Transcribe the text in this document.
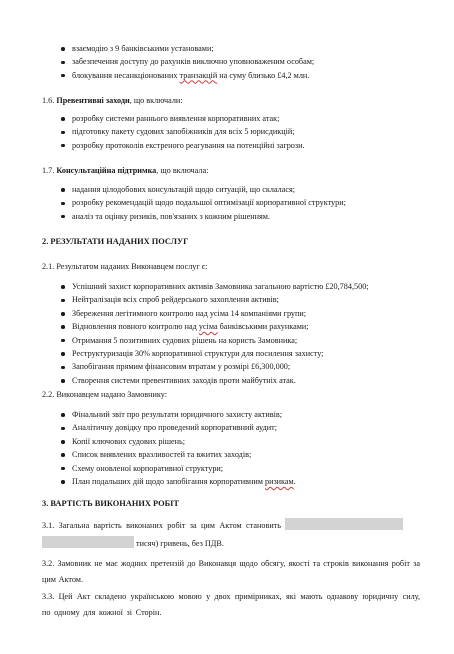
взаємодію з 9 банківськими установами;
забезпечення доступу до рахунків виключно уповноваженим особам;
блокування несанкціонованих транзакцій на суму близько £4,2 млн.
1.6. Превентивні заходи, що включали:
розробку системи раннього виявлення корпоративних атак;
підготовку пакету судових запобіжників для всіх 5 юрисдикцій;
розробку протоколів екстреного реагування на потенційні загрози.
1.7. Консультаційна підтримка, що включала:
надання цілодобових консультацій щодо ситуацій, що склалася;
розробку рекомендацій щодо подальшої оптимізації корпоративної структури;
аналіз та оцінку ризиків, пов'язаних з кожним рішенням.
2. РЕЗУЛЬТАТИ НАДАНИХ ПОСЛУГ
2.1. Результатом наданих Виконавцем послуг є:
Успішний захист корпоративних активів Замовника загальною вартістю £20,784,500;
Нейтралізація всіх спроб рейдерського захоплення активів;
Збереження легітимного контролю над усіма 14 компаніями групи;
Відновлення повного контролю над усіма банківськими рахунками;
Отримання 5 позитивних судових рішень на користь Замовника;
Реструктуризація 30% корпоративної структури для посилення захисту;
Запобігання прямим фінансовим втратам у розмірі £6,300,000;
Створення системи превентивних заходів проти майбутніх атак.
2.2. Виконавцем надано Замовнику:
Фінальний звіт про результати юридичного захисту активів;
Аналітичну довідку про проведений корпоративний аудит;
Копії ключових судових рішень;
Список виявлених вразливостей та вжитих заходів;
Схему оновленої корпоративної структури;
План подальших дій щодо запобігання корпоративним ризикам.
3. ВАРТІСТЬ ВИКОНАНИХ РОБІТ
3.1. Загальна вартість виконаних робіт за цим Актом становить
тисяч) гривень, без ПДВ.
3.2. Замовник не має жодних претензій до Виконавця щодо обсягу, якості та строків виконання робіт за цим Актом.
3.3. Цей Акт складено українською мовою у двох примірниках, які мають однакову юридичну силу, по одному для кожної зі Сторін.
